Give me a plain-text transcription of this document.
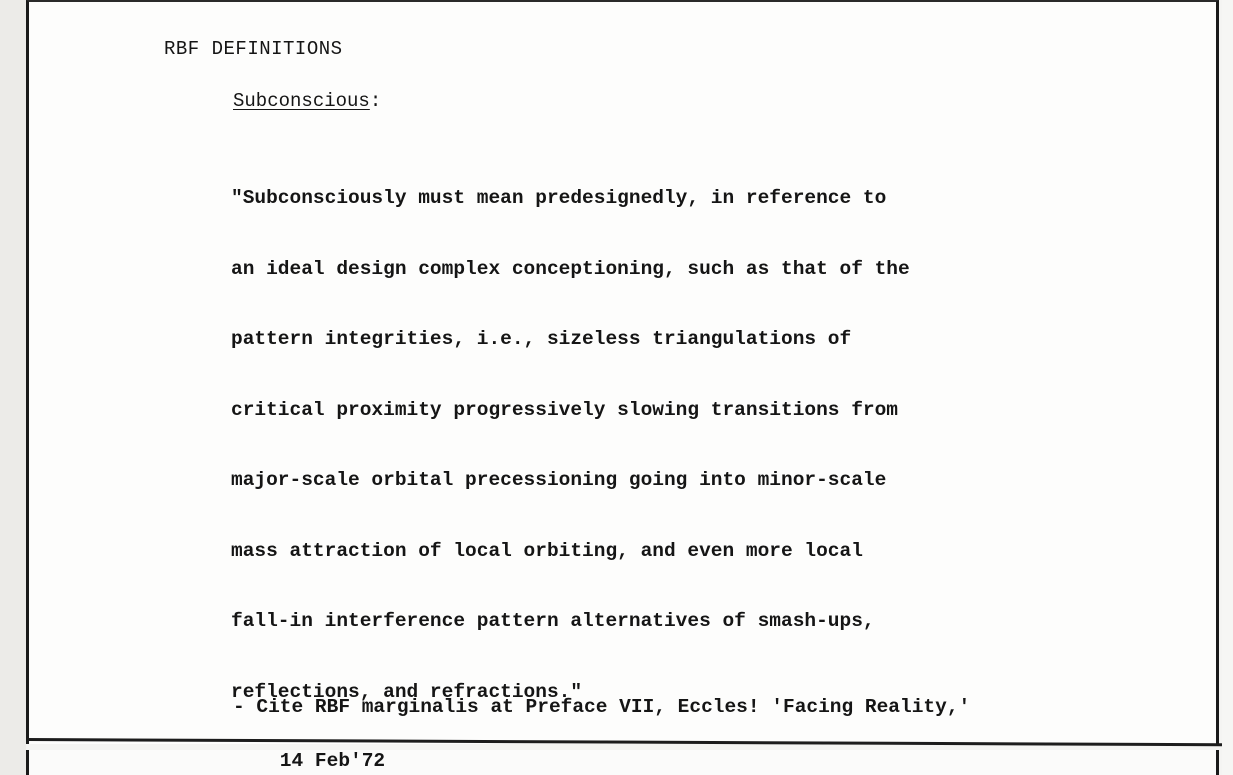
RBF DEFINITIONS

Subconscious:

"Subconsciously must mean predesignedly, in reference to

an ideal design complex conceptioning, such as that of the

pattern integrities, i.e., sizeless triangulations of

critical proximity progressively slowing transitions from

major-scale orbital precessioning going into minor-scale

mass attraction of local orbiting, and even more local

fall-in interference pattern alternatives of smash-ups,

reflections, and refractions."

- Cite RBF marginalis at Preface VII, Eccles! 'Facing Reality,'

14 Feb'72
